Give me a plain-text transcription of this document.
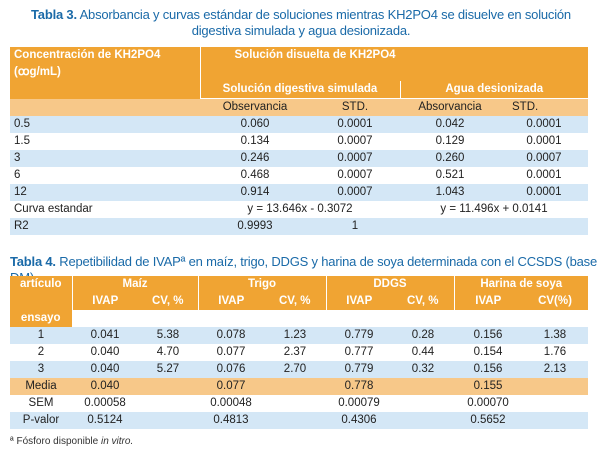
Tabla 3. Absorbancia y curvas estándar de soluciones mientras KH2PO4 se disuelve en solución
digestiva simulada y agua desionizada.
Concentración de KH2PO4	Solución disuelta de KH2PO4			
(ꝏg/mL)				
	Solución digestiva simulada		Agua desionizada	
	Observancia	STD.	Absorvancia	STD.
0.5	0.060	0.0001	0.042	0.0001
1.5	0.134	0.0007	0.129	0.0001
3	0.246	0.0007	0.260	0.0007
6	0.468	0.0007	0.521	0.0001
12	0.914	0.0007	1.043	0.0001
Curva estandar	y = 13.646x - 0.3072		y = 11.496x + 0.0141	
R2	0.9993	1		
Tabla 4. Repetibilidad de IVAPª en maíz, trigo, DDGS y harina de soya determinada con el CCSDS (base DM).
artículo	Maíz		Trigo		DDGS		Harina de soya	
	IVAP	CV, %	IVAP	CV, %	IVAP	CV, %	IVAP	CV(%)
ensayo								
1	0.041	5.38	0.078	1.23	0.779	0.28	0.156	1.38
2	0.040	4.70	0.077	2.37	0.777	0.44	0.154	1.76
3	0.040	5.27	0.076	2.70	0.779	0.32	0.156	2.13
Media	0.040		0.077		0.778		0.155	
SEM	0.00058		0.00048		0.00079		0.00070	
P-valor	0.5124		0.4813		0.4306		0.5652	
ª Fósforo disponible in vitro.
